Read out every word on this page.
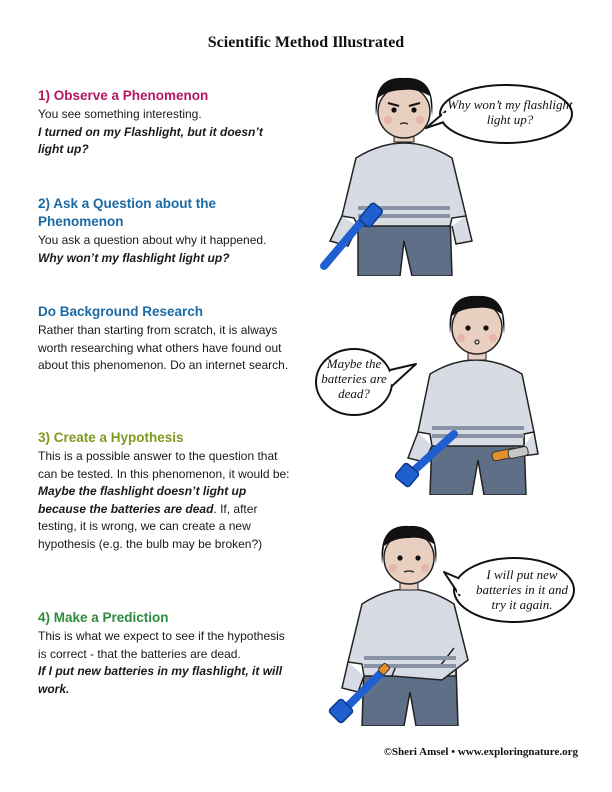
Scientific Method Illustrated
1) Observe a Phenomenon

You see something interesting.

I turned on my Flashlight, but it doesn’t light up?

2) Ask a Question about the Phenomenon

You ask a question about why it happened.

Why won’t my flashlight light up?

Do Background Research

Rather than starting from scratch, it is always worth researching what others have found out about this phenomenon. Do an internet search.

3) Create a Hypothesis

This is a possible answer to the question that can be tested. In this phenomenon, it would be: Maybe the flashlight doesn’t light up because the batteries are dead. If, after testing, it is wrong, we can create a new hypothesis (e.g. the bulb may be broken?)

4) Make a Prediction

This is what we expect to see if the hypothesis is correct - that the batteries are dead.

If I put new batteries in my flashlight, it will work.

Why won’t my flashlight light up?
Maybe the batteries are dead?
I will put new batteries in it and try it again.
©Sheri Amsel • www.exploringnature.org
